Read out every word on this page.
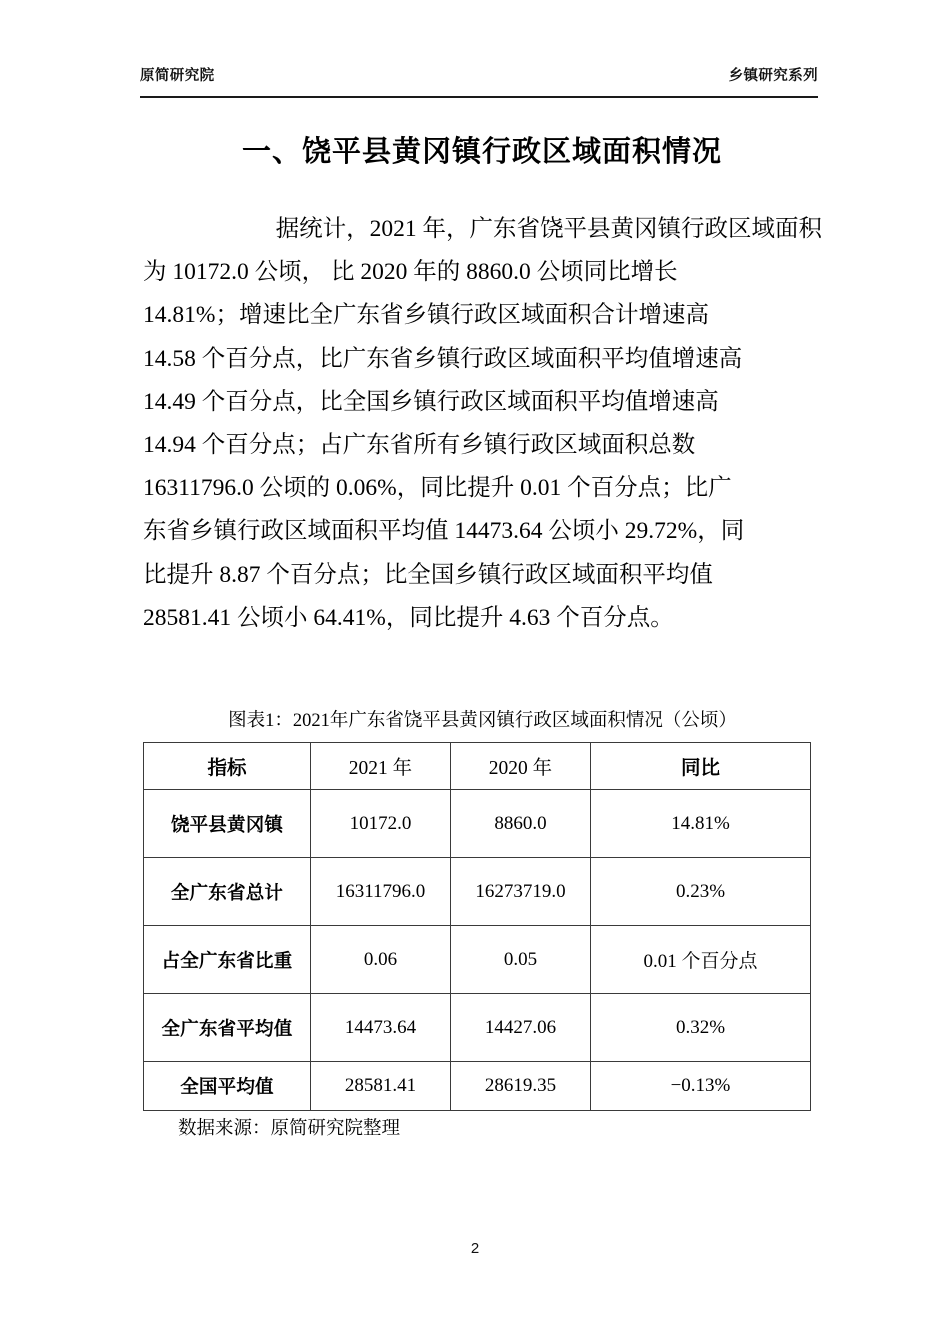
原简研究院	乡镇研究系列
一、饶平县黄冈镇行政区域面积情况
据统计，2021 年，广东省饶平县黄冈镇行政区域面积
为 10172.0 公顷， 比 2020 年的 8860.0 公顷同比增长
14.81%；增速比全广东省乡镇行政区域面积合计增速高
14.58 个百分点，比广东省乡镇行政区域面积平均值增速高
14.49 个百分点，比全国乡镇行政区域面积平均值增速高
14.94 个百分点；占广东省所有乡镇行政区域面积总数
16311796.0 公顷的 0.06%，同比提升 0.01 个百分点；比广
东省乡镇行政区域面积平均值 14473.64 公顷小 29.72%，同
比提升 8.87 个百分点；比全国乡镇行政区域面积平均值
28581.41 公顷小 64.41%，同比提升 4.63 个百分点。
图表1：2021年广东省饶平县黄冈镇行政区域面积情况（公顷）
指标	2021 年	2020 年	同比
饶平县黄冈镇	10172.0	8860.0	14.81%
全广东省总计	16311796.0	16273719.0	0.23%
占全广东省比重	0.06	0.05	0.01 个百分点
全广东省平均值	14473.64	14427.06	0.32%
全国平均值	28581.41	28619.35	−0.13%
数据来源：原简研究院整理
2
